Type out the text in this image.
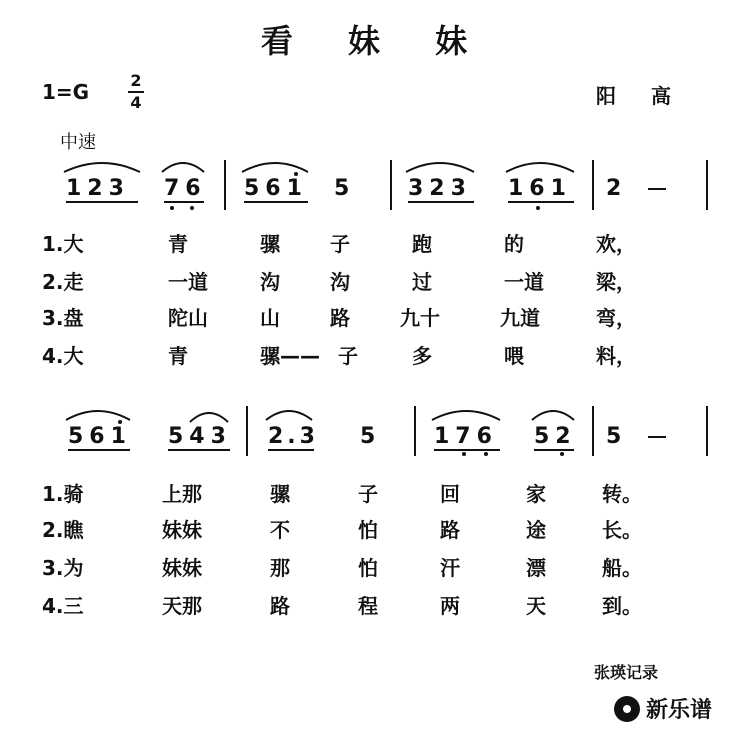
看 妹 妹
1=G	2
4	阳 高
中速
123	76 561 5	323 161 2
1.大	青	骡	子	跑	的	欢，
2.走	一道	沟	沟	过	一道	梁，
3.盘	陀山	山	路	九十	九道	弯，
4.大	青	骡—— 子	多	喂	料，
561 543 2.3 5	176 52 5
1.骑	上那	骡	子	回	家	转。
2.瞧	妹妹	不	怕	路	途	长。
3.为	妹妹	那	怕	汗	漂	船。
4.三	天那	路	程	两	天	到。
张瑛记录
新乐谱
